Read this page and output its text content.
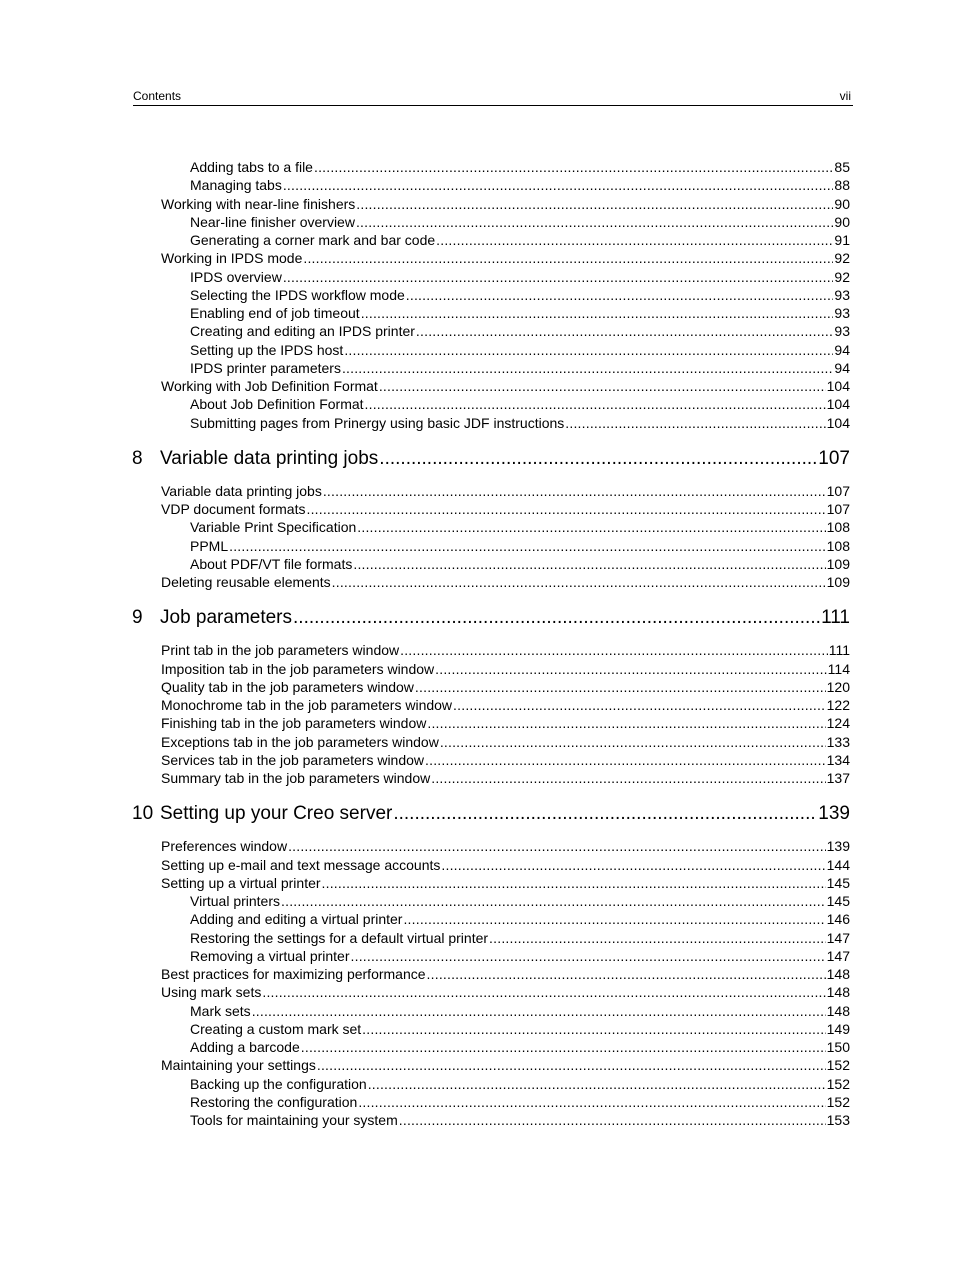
Contents	vii
Adding tabs to a file .....	85
Managing tabs .....	88
Working with near-line finishers .....	90
Near-line finisher overview .....	90
Generating a corner mark and bar code .....	91
Working in IPDS mode .....	92
IPDS overview .....	92
Selecting the IPDS workflow mode .....	93
Enabling end of job timeout .....	93
Creating and editing an IPDS printer .....	93
Setting up the IPDS host .....	94
IPDS printer parameters .....	94
Working with Job Definition Format .....	104
About Job Definition Format .....	104
Submitting pages from Prinergy using basic JDF instructions .....	104
8 Variable data printing jobs .....	107
Variable data printing jobs .....	107
VDP document formats .....	107
Variable Print Specification .....	108
PPML .....	108
About PDF/VT file formats .....	109
Deleting reusable elements .....	109
9 Job parameters .....	111
Print tab in the job parameters window .....	111
Imposition tab in the job parameters window .....	114
Quality tab in the job parameters window .....	120
Monochrome tab in the job parameters window .....	122
Finishing tab in the job parameters window .....	124
Exceptions tab in the job parameters window .....	133
Services tab in the job parameters window .....	134
Summary tab in the job parameters window .....	137
10 Setting up your Creo server .....	139
Preferences window .....	139
Setting up e-mail and text message accounts .....	144
Setting up a virtual printer .....	145
Virtual printers .....	145
Adding and editing a virtual printer .....	146
Restoring the settings for a default virtual printer .....	147
Removing a virtual printer .....	147
Best practices for maximizing performance .....	148
Using mark sets .....	148
Mark sets .....	148
Creating a custom mark set .....	149
Adding a barcode .....	150
Maintaining your settings .....	152
Backing up the configuration .....	152
Restoring the configuration .....	152
Tools for maintaining your system .....	153
